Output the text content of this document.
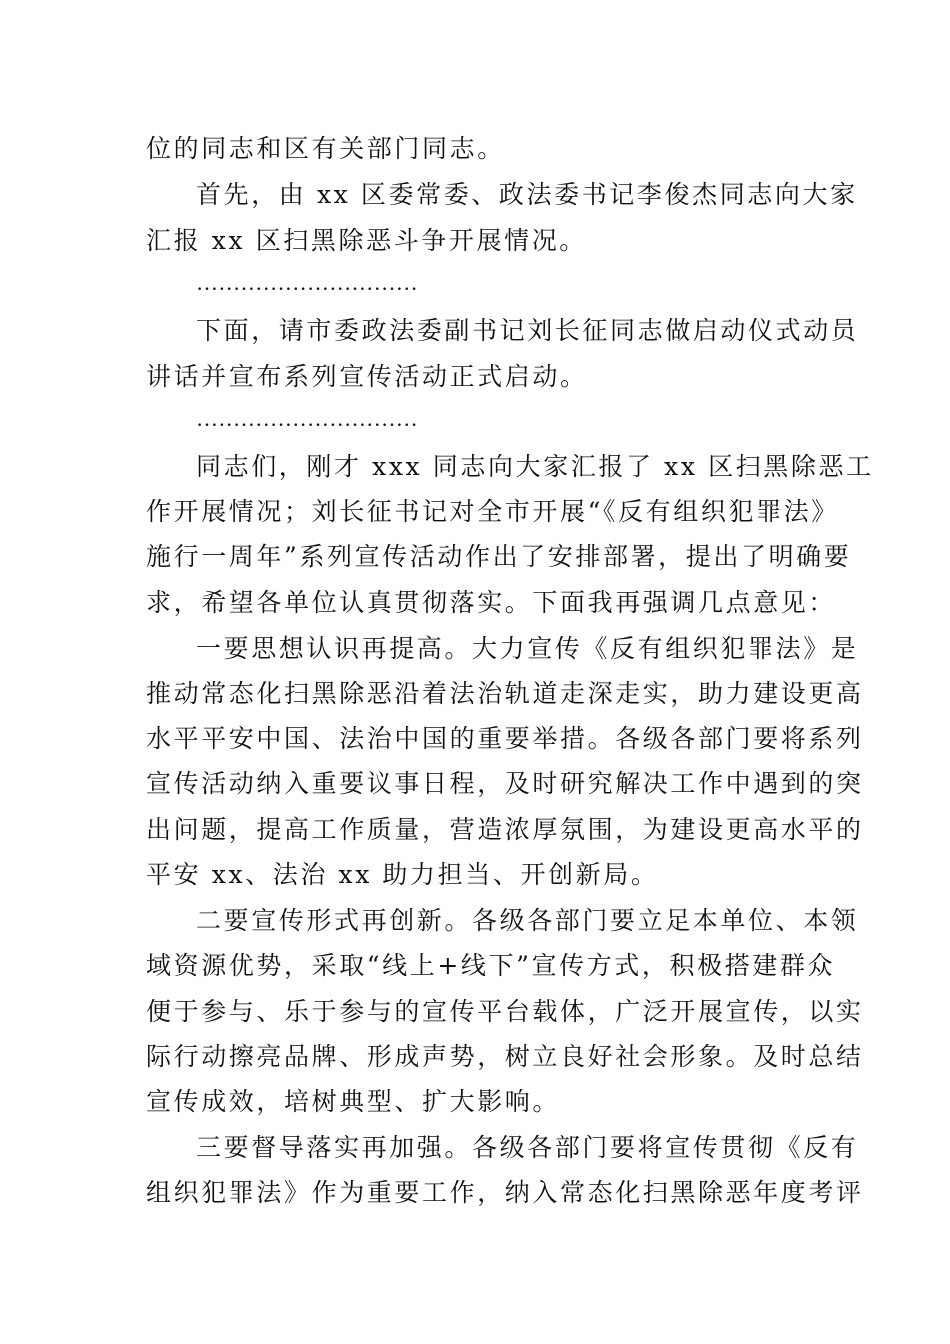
位的同志和区有关部门同志。
首先，由 xx 区委常委、政法委书记李俊杰同志向大家
汇报 xx 区扫黑除恶斗争开展情况。
…………………………
下面，请市委政法委副书记刘长征同志做启动仪式动员
讲话并宣布系列宣传活动正式启动。
…………………………
同志们，刚才 xxx 同志向大家汇报了 xx 区扫黑除恶工
作开展情况；刘长征书记对全市开展“《反有组织犯罪法》
施行一周年”系列宣传活动作出了安排部署，提出了明确要
求，希望各单位认真贯彻落实。下面我再强调几点意见：
一要思想认识再提高。大力宣传《反有组织犯罪法》是
推动常态化扫黑除恶沿着法治轨道走深走实，助力建设更高
水平平安中国、法治中国的重要举措。各级各部门要将系列
宣传活动纳入重要议事日程，及时研究解决工作中遇到的突
出问题，提高工作质量，营造浓厚氛围，为建设更高水平的
平安 xx、法治 xx 助力担当、开创新局。
二要宣传形式再创新。各级各部门要立足本单位、本领
域资源优势，采取“线上+线下”宣传方式，积极搭建群众
便于参与、乐于参与的宣传平台载体，广泛开展宣传，以实
际行动擦亮品牌、形成声势，树立良好社会形象。及时总结
宣传成效，培树典型、扩大影响。
三要督导落实再加强。各级各部门要将宣传贯彻《反有
组织犯罪法》作为重要工作，纳入常态化扫黑除恶年度考评
